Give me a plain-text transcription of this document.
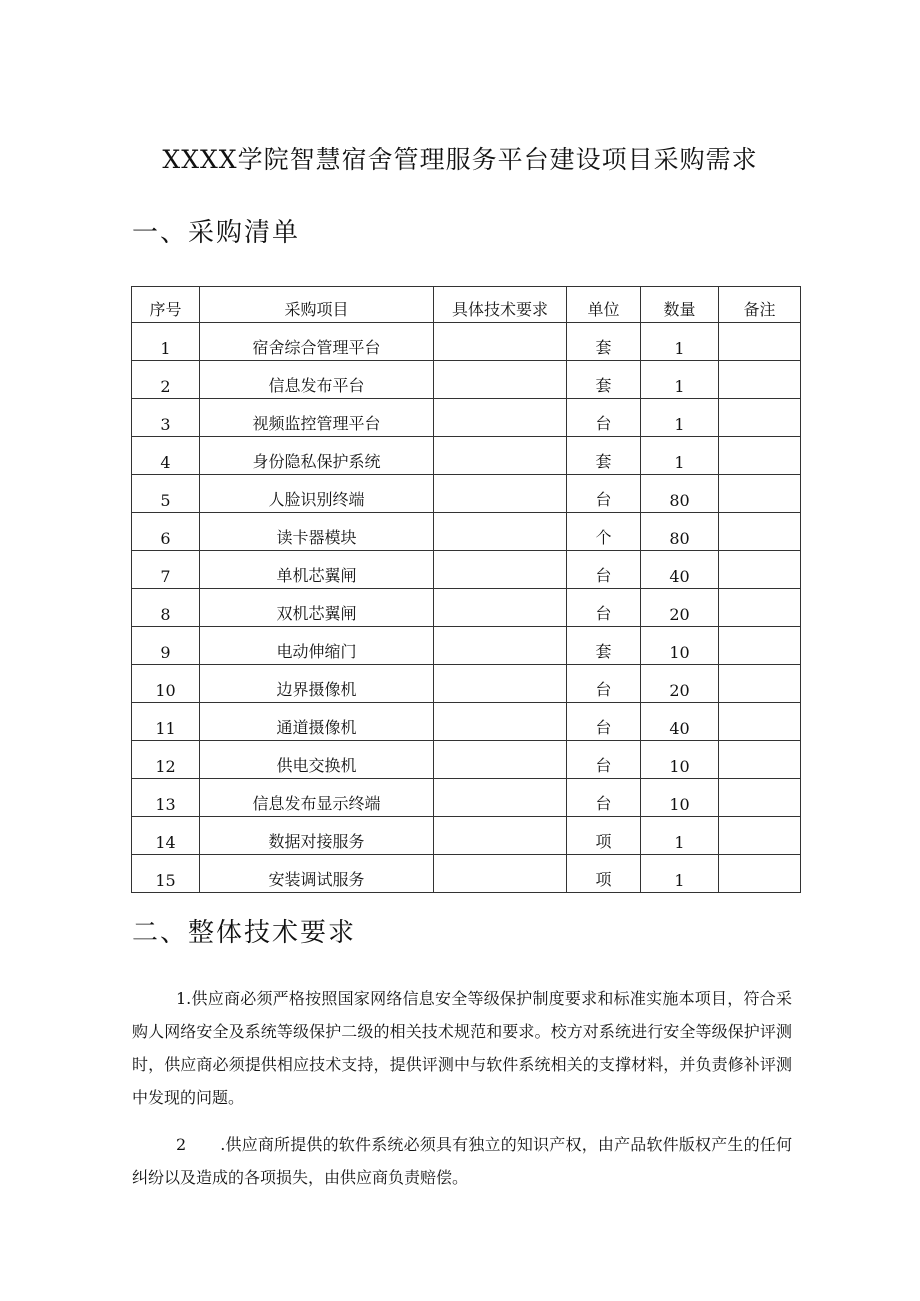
XXXX学院智慧宿舍管理服务平台建设项目采购需求
一、采购清单
序号	采购项目	具体技术要求	单位	数量	备注
1	宿舍综合管理平台		套	1	
2	信息发布平台		套	1	
3	视频监控管理平台		台	1	
4	身份隐私保护系统		套	1	
5	人脸识别终端		台	80	
6	读卡器模块		个	80	
7	单机芯翼闸		台	40	
8	双机芯翼闸		台	20	
9	电动伸缩门		套	10	
10	边界摄像机		台	20	
11	通道摄像机		台	40	
12	供电交换机		台	10	
13	信息发布显示终端		台	10	
14	数据对接服务		项	1	
15	安装调试服务		项	1	
二、整体技术要求
1.供应商必须严格按照国家网络信息安全等级保护制度要求和标准实施本项目，符合采购人网络安全及系统等级保护二级的相关技术规范和要求。校方对系统进行安全等级保护评测时，供应商必须提供相应技术支持，提供评测中与软件系统相关的支撑材料，并负责修补评测中发现的问题。
2 .供应商所提供的软件系统必须具有独立的知识产权，由产品软件版权产生的任何纠纷以及造成的各项损失，由供应商负责赔偿。
